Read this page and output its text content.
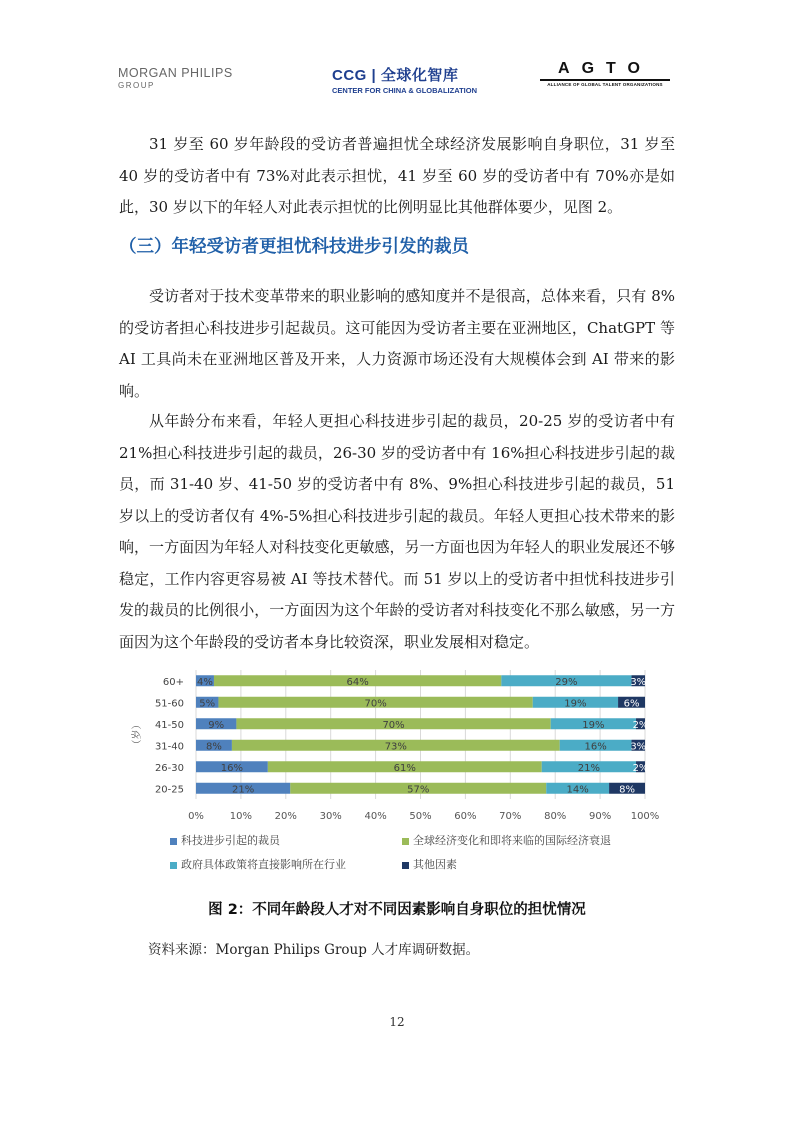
MORGAN PHILIPS
GROUP
CCG | 全球化智库
CENTER FOR CHINA & GLOBALIZATION
AGTO
ALLIANCE OF GLOBAL TALENT ORGANIZATIONS

31 岁至 60 岁年龄段的受访者普遍担忧全球经济发展影响自身职位，31 岁至 40 岁的受访者中有 73%对此表示担忧，41 岁至 60 岁的受访者中有 70%亦是如此，30 岁以下的年轻人对此表示担忧的比例明显比其他群体要少，见图 2。

（三）年轻受访者更担忧科技进步引发的裁员

受访者对于技术变革带来的职业影响的感知度并不是很高，总体来看，只有 8%的受访者担心科技进步引起裁员。这可能因为受访者主要在亚洲地区，ChatGPT 等 AI 工具尚未在亚洲地区普及开来，人力资源市场还没有大规模体会到 AI 带来的影响。

从年龄分布来看，年轻人更担心科技进步引起的裁员，20-25 岁的受访者中有 21%担心科技进步引起的裁员，26-30 岁的受访者中有 16%担心科技进步引起的裁员，而 31-40 岁、41-50 岁的受访者中有 8%、9%担心科技进步引起的裁员，51 岁以上的受访者仅有 4%-5%担心科技进步引起的裁员。年轻人更担心技术带来的影响，一方面因为年轻人对科技变化更敏感，另一方面也因为年轻人的职业发展还不够稳定，工作内容更容易被 AI 等技术替代。而 51 岁以上的受访者中担忧科技进步引发的裁员的比例很小，一方面因为这个年龄的受访者对科技变化不那么敏感，另一方面因为这个年龄段的受访者本身比较资深，职业发展相对稳定。

0%	10% 20% 30% 40% 50% 60% 70% 80% 90% 100%
（岁）
60+ 4%	64%	29%	3%
51-60 5%	70%	19%	6%
41-50 9%	70%	19%	2%
31-40 8%	73%	16% 3%
26-30	16%	61%	21%	2%
20-25	21%	57%	14%	8%
科技进步引起的裁员	全球经济变化和即将来临的国际经济衰退
政府具体政策将直接影响所在行业	其他因素
图 2：不同年龄段人才对不同因素影响自身职位的担忧情况
资料来源：Morgan Philips Group 人才库调研数据。
12
